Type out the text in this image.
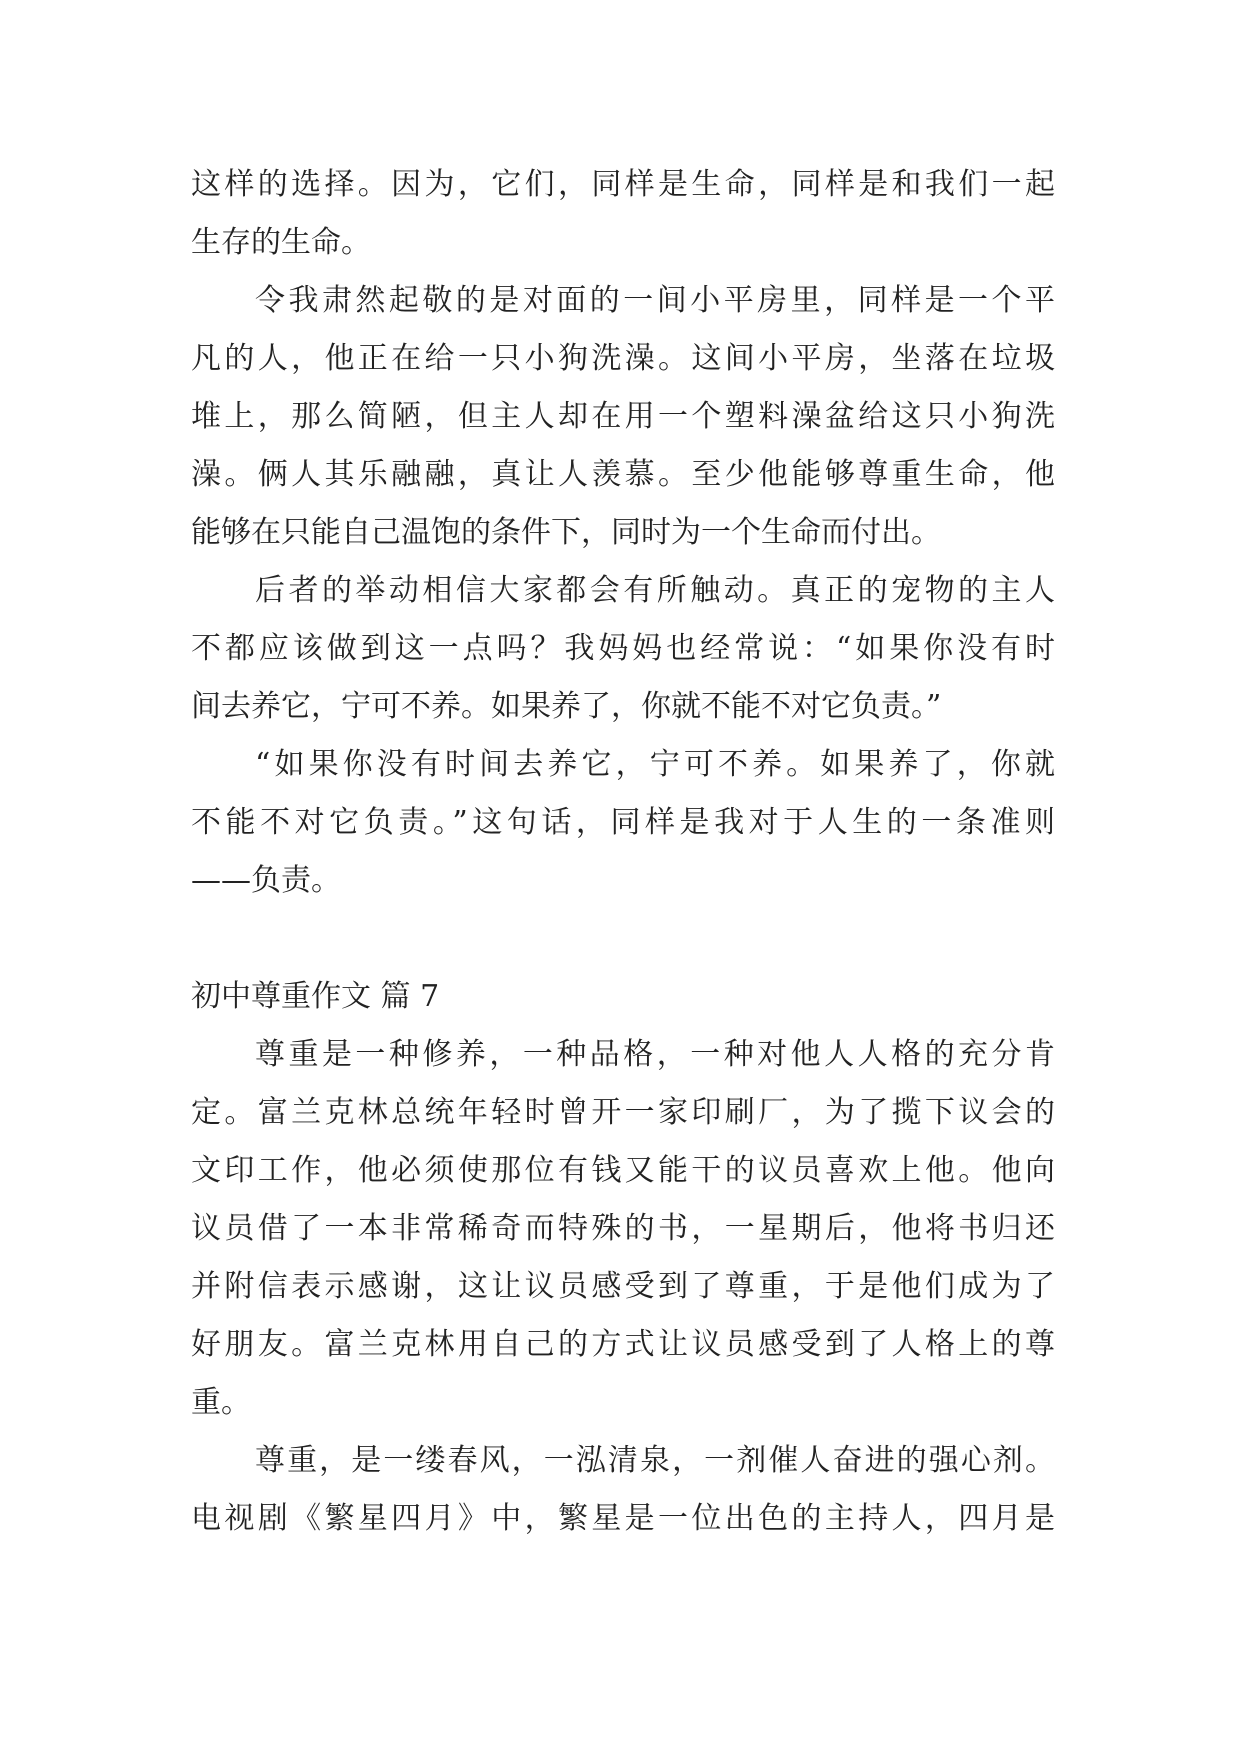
这样的选择。因为，它们，同样是生命，同样是和我们一起
生存的生命。
令我肃然起敬的是对面的一间小平房里，同样是一个平
凡的人，他正在给一只小狗洗澡。这间小平房，坐落在垃圾
堆上，那么简陋，但主人却在用一个塑料澡盆给这只小狗洗
澡。俩人其乐融融，真让人羡慕。至少他能够尊重生命，他
能够在只能自己温饱的条件下，同时为一个生命而付出。
后者的举动相信大家都会有所触动。真正的宠物的主人
不都应该做到这一点吗？我妈妈也经常说：“如果你没有时
间去养它，宁可不养。如果养了，你就不能不对它负责。”
“如果你没有时间去养它，宁可不养。如果养了，你就
不能不对它负责。”这句话，同样是我对于人生的一条准则
——负责。
初中尊重作文 篇 7
尊重是一种修养，一种品格，一种对他人人格的充分肯
定。富兰克林总统年轻时曾开一家印刷厂，为了揽下议会的
文印工作，他必须使那位有钱又能干的议员喜欢上他。他向
议员借了一本非常稀奇而特殊的书，一星期后，他将书归还
并附信表示感谢，这让议员感受到了尊重，于是他们成为了
好朋友。富兰克林用自己的方式让议员感受到了人格上的尊
重。
尊重，是一缕春风，一泓清泉，一剂催人奋进的强心剂。
电视剧《繁星四月》中，繁星是一位出色的主持人，四月是
